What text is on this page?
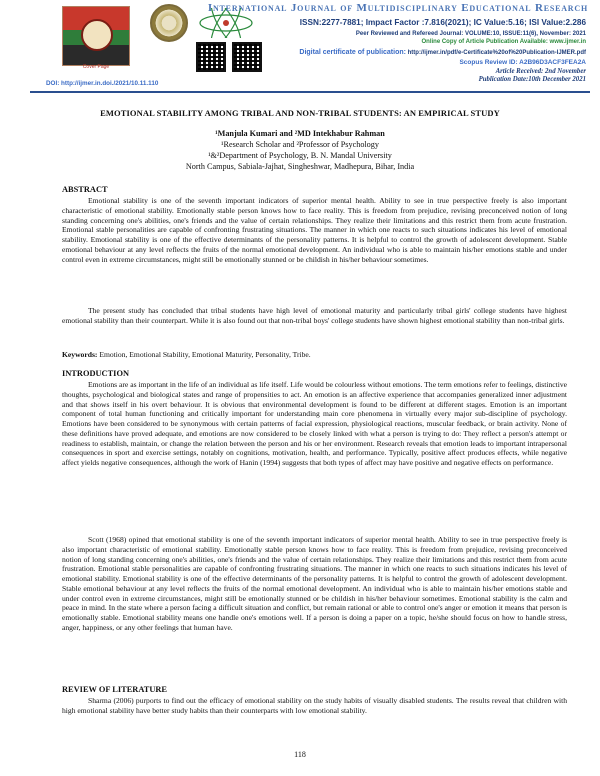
Cover Page
International Journal of Multidisciplinary Educational Research
ISSN:2277-7881; Impact Factor :7.816(2021); IC Value:5.16; ISI Value:2.286
Peer Reviewed and Refereed Journal: VOLUME:10, ISSUE:11(6), November: 2021
Online Copy of Article Publication Available: www.ijmer.in
Digital certificate of publication: http://ijmer.in/pdf/e-Certificate%20of%20Publication-IJMER.pdf
Scopus Review ID: A2B96D3ACF3FEA2A
Article Received: 2nd November
Publication Date:10th December 2021
DOI: http://ijmer.in.doi./2021/10.11.110
EMOTIONAL STABILITY AMONG TRIBAL AND NON-TRIBAL STUDENTS: AN EMPIRICAL STUDY
¹Manjula Kumari and ²MD Intekhabur Rahman
¹Research Scholar and ²Professor of Psychology
¹&²Department of Psychology, B. N. Mandal University
North Campus, Sabiala-Jajhat, Singheshwar, Madhepura, Bihar, India
ABSTRACT
Emotional stability is one of the seventh important indicators of superior mental health. Ability to see in true perspective freely is also important characteristic of emotional stability. Emotionally stable person knows how to face reality. This is freedom from prejudice, revising preconceived notion of long standing concerning one's abilities, one's friends and the value of certain relationships. They realize their limitations and this restrict them from acute frustration. Emotional stable personalities are capable of confronting frustrating situations. The manner in which one reacts to such situations indicates his level of emotional stability. Emotional stability is one of the effective determinants of the personality patterns. It is helpful to control the growth of adolescent development. Stable emotional behaviour at any level reflects the fruits of the normal emotional development. An individual who is able to maintain his/her emotions stable and under control even in extreme circumstances, might still be emotionally stunned or be childish in his/her behaviour sometimes.
The present study has concluded that tribal students have high level of emotional maturity and particularly tribal girls' college students have highest emotional stability than their counterpart. While it is also found out that non-tribal boys' college students have shown highest emotional stability than non-tribal girls.
Keywords: Emotion, Emotional Stability, Emotional Maturity, Personality, Tribe.
INTRODUCTION
Emotions are as important in the life of an individual as life itself. Life would be colourless without emotions. The term emotions refer to feelings, distinctive thoughts, psychological and biological states and range of propensities to act. An emotion is an affective experience that accompanies generalized inner adjustment and that shows itself in his overt behaviour. It is obvious that environmental development is found to be different at different stages. Emotion is an important component of total human functioning and critically important for understanding main core phenomena in virtually every major sub-discipline of psychology. Emotions have been considered to be synonymous with certain patterns of facial expression, physiological reactions, muscular feedback, or brain activity. None of these definitions have proved adequate, and emotions are now considered to be closely linked with what a person is trying to do: They reflect a person's attempt or readiness to establish, maintain, or change the relation between the person and his or her environment. Research reveals that emotion leads to important intrapersonal consequences in sport and exercise settings, notably on cognitions, motivation, health, and performance. Typically, positive affect produces effects, while negative affect yields negative consequences, although the work of Hanin (1994) suggests that both types of affect may have positive and negative effects on performance.
Scott (1968) opined that emotional stability is one of the seventh important indicators of superior mental health. Ability to see in true perspective freely is also important characteristic of emotional stability. Emotionally stable person knows how to face reality. This is freedom from prejudice, revising preconceived notion of long standing concerning one's abilities, one's friends and the value of certain relationships. They realize their limitations and this restrict them from acute frustration. Emotional stable personalities are capable of confronting frustrating situations. The manner in which one reacts to such situations indicates his level of emotional stability. Emotional stability is one of the effective determinants of the personality patterns. It is helpful to control the growth of adolescent development. Stable emotional behaviour at any level reflects the fruits of the normal emotional development. An individual who is able to maintain his/her emotions stable and under control even in extreme circumstances, might still be emotionally stunned or be childish in his/her behaviour sometimes. Emotional stability is the calm and peace in mind. In the state where a person facing a difficult situation and conflict, but remain rational or able to control one's anger or emotion it means that person is emotionally stable. Emotional stability means one handle one's emotions well. If a person is doing a paper on a topic, he/she should focus on how to handle stress, anger, happiness, or any other feelings that human have.
REVIEW OF LITERATURE
Sharma (2006) purports to find out the efficacy of emotional stability on the study habits of visually disabled students. The results reveal that children with high emotional stability have better study habits than their counterparts with low emotional stability.
118
